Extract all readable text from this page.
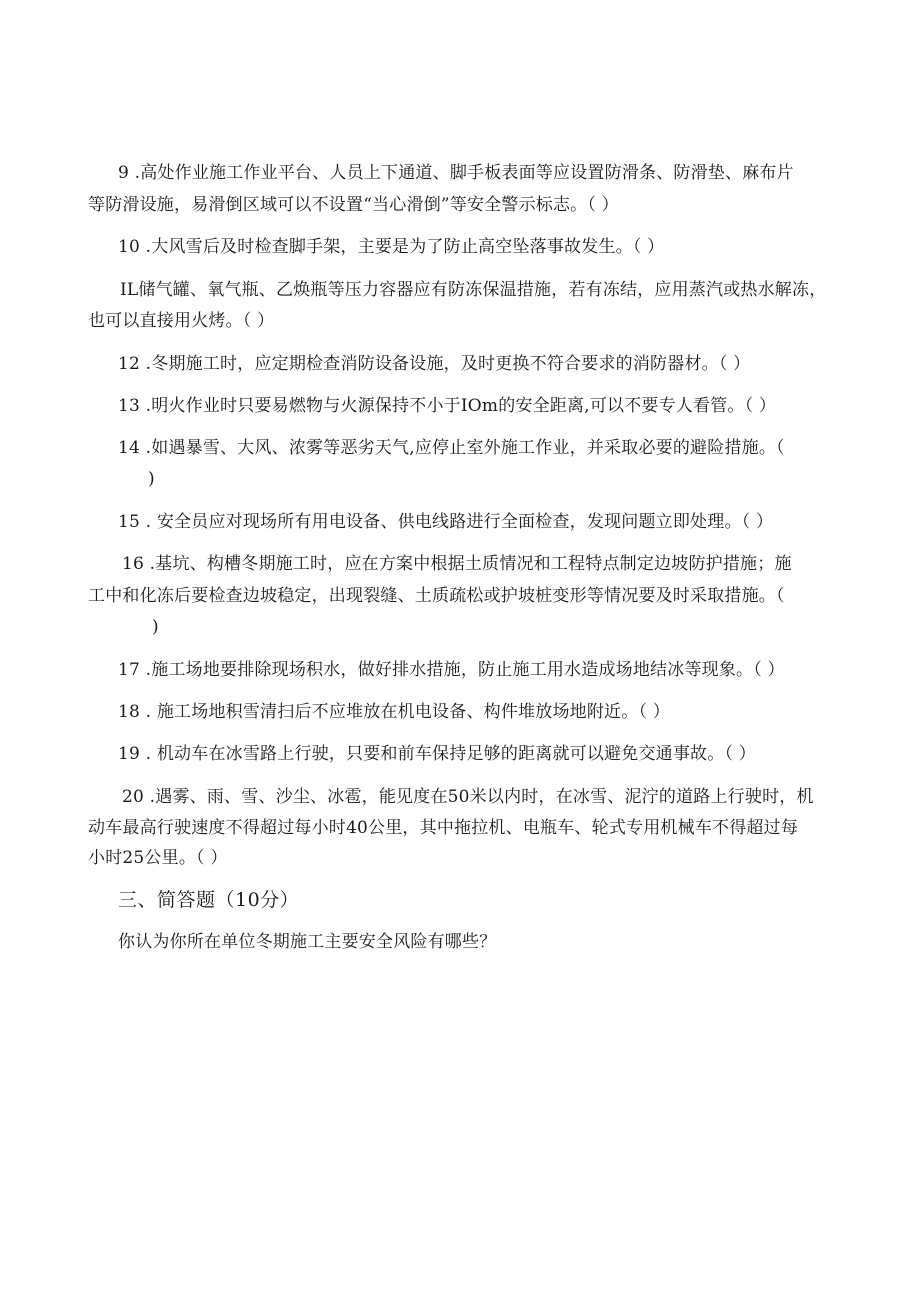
9 .高处作业施工作业平台、人员上下通道、脚手板表面等应设置防滑条、防滑垫、麻布片
等防滑设施，易滑倒区域可以不设置“当心滑倒”等安全警示标志。（ ）
10 .大风雪后及时检查脚手架，主要是为了防止高空坠落事故发生。（ ）
IL储气罐、氧气瓶、乙焕瓶等压力容器应有防冻保温措施，若有冻结，应用蒸汽或热水解冻，
也可以直接用火烤。（ ）
12 .冬期施工时，应定期检查消防设备设施，及时更换不符合要求的消防器材。（ ）
13 .明火作业时只要易燃物与火源保持不小于IOm的安全距离,可以不要专人看管。（ ）
14 .如遇暴雪、大风、浓雾等恶劣天气,应停止室外施工作业，并采取必要的避险措施。（
)
15 . 安全员应对现场所有用电设备、供电线路进行全面检查，发现问题立即处理。（ ）
16 .基坑、构槽冬期施工时，应在方案中根据土质情况和工程特点制定边坡防护措施；施
工中和化冻后要检查边坡稳定，出现裂缝、土质疏松或护坡桩变形等情况要及时采取措施。（
)
17 .施工场地要排除现场积水，做好排水措施，防止施工用水造成场地结冰等现象。（ ）
18 . 施工场地积雪清扫后不应堆放在机电设备、构件堆放场地附近。（ ）
19 . 机动车在冰雪路上行驶，只要和前车保持足够的距离就可以避免交通事故。（ ）
20 .遇雾、雨、雪、沙尘、冰雹，能见度在50米以内时，在冰雪、泥泞的道路上行驶时，机
动车最高行驶速度不得超过每小时40公里，其中拖拉机、电瓶车、轮式专用机械车不得超过每
小时25公里。（ ）
三、简答题（10分）
你认为你所在单位冬期施工主要安全风险有哪些？
